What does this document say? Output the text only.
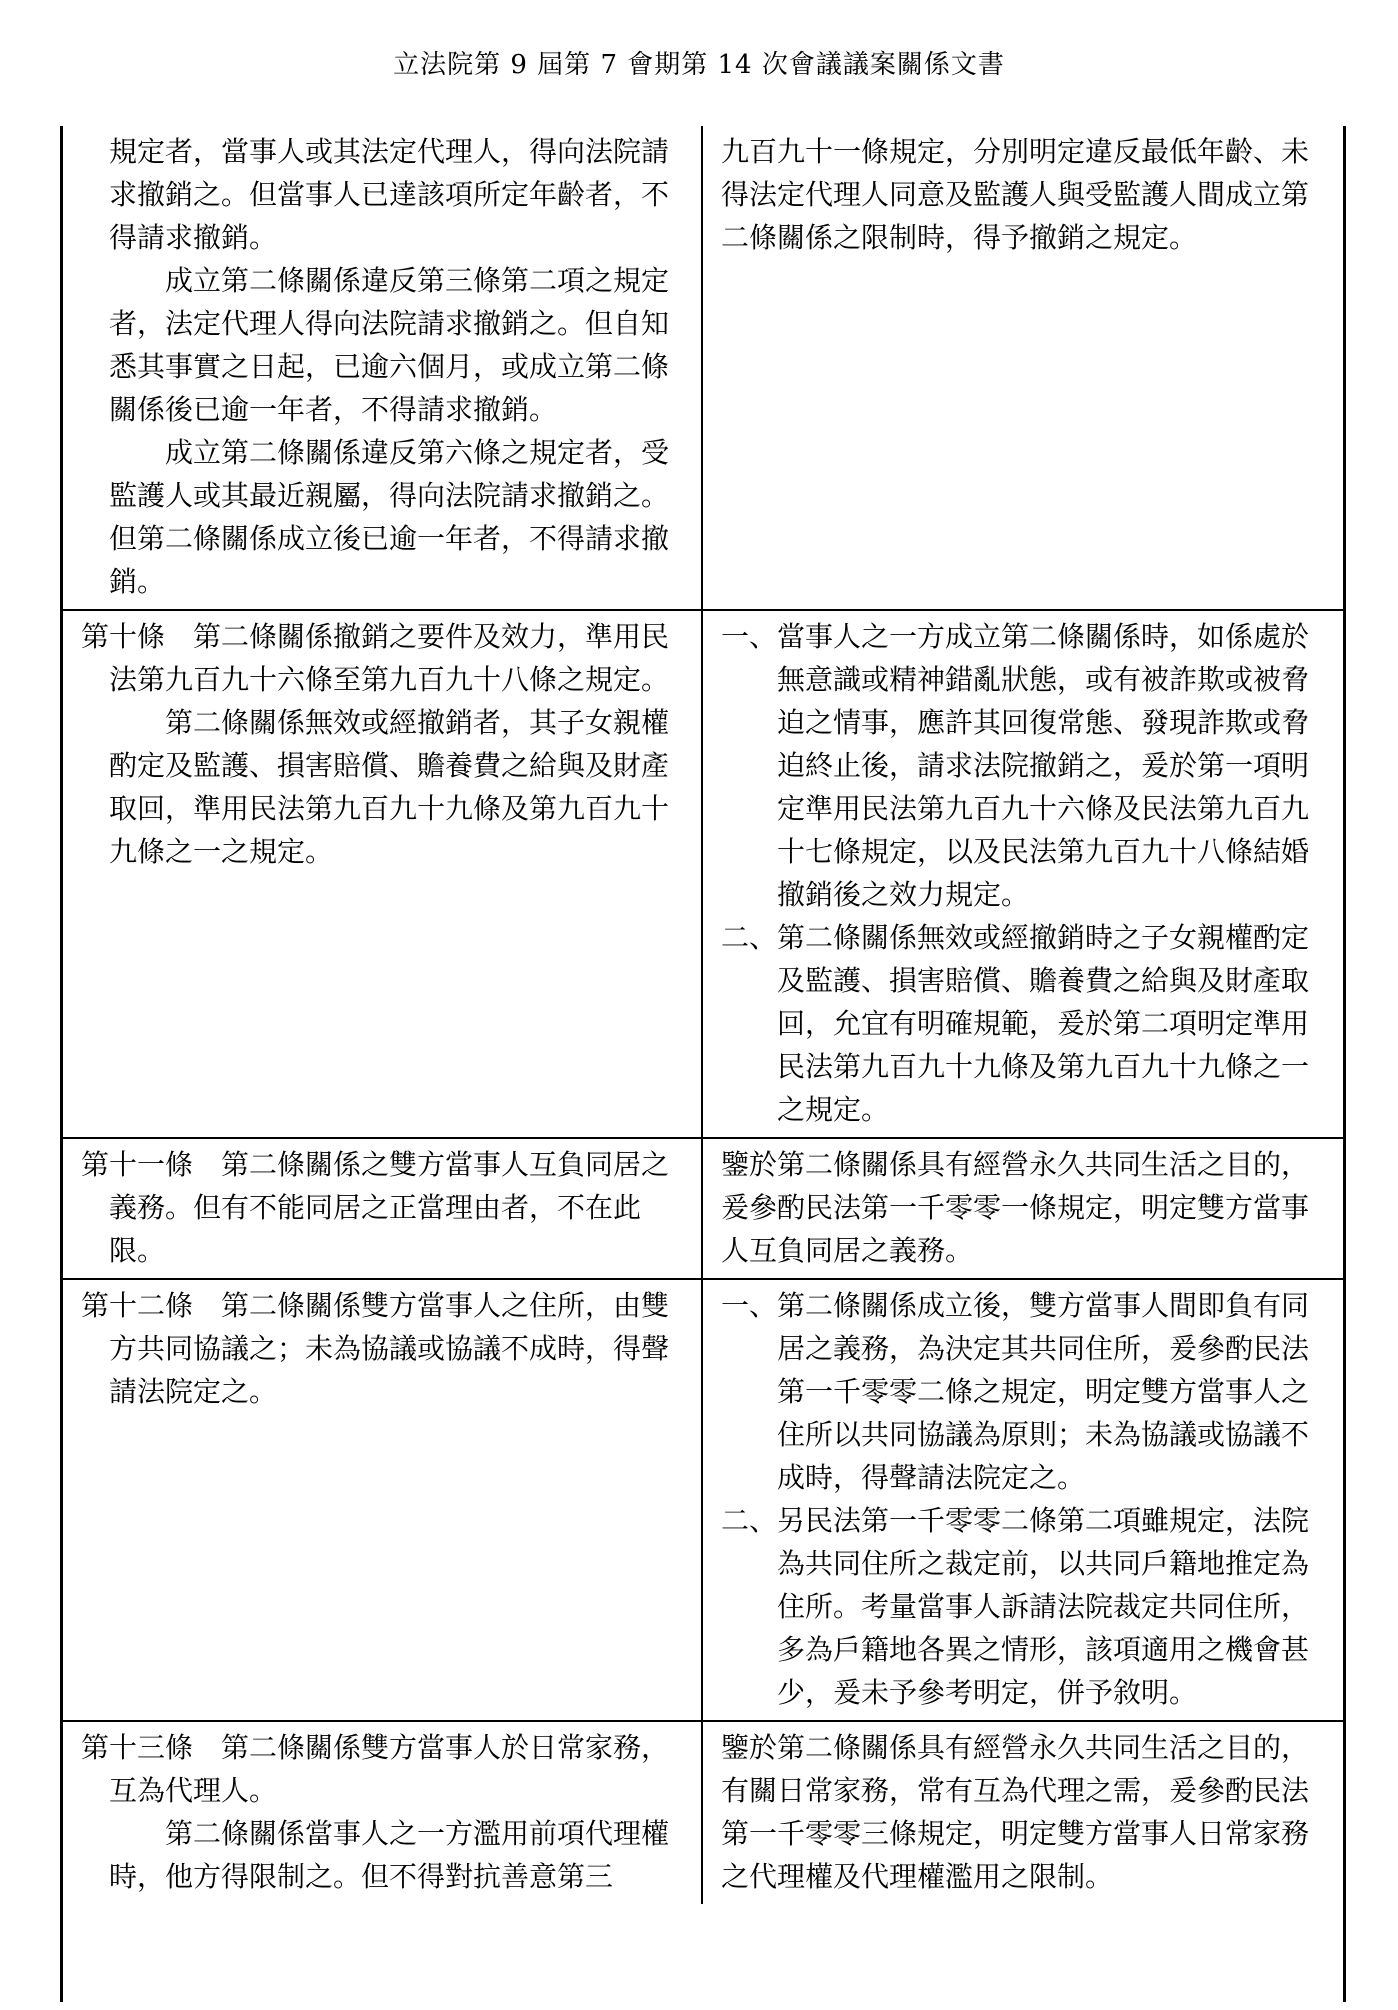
立法院第 9 屆第 7 會期第 14 次會議議案關係文書

規定者，當事人或其法定代理人，得向法院請求撤銷之。但當事人已達該項所定年齡者，不得請求撤銷。

成立第二條關係違反第三條第二項之規定者，法定代理人得向法院請求撤銷之。但自知悉其事實之日起，已逾六個月，或成立第二條關係後已逾一年者，不得請求撤銷。

成立第二條關係違反第六條之規定者，受監護人或其最近親屬，得向法院請求撤銷之。但第二條關係成立後已逾一年者，不得請求撤銷。

九百九十一條規定，分別明定違反最低年齡、未得法定代理人同意及監護人與受監護人間成立第二條關係之限制時，得予撤銷之規定。

第十條　第二條關係撤銷之要件及效力，準用民法第九百九十六條至第九百九十八條之規定。

第二條關係無效或經撤銷者，其子女親權酌定及監護、損害賠償、贍養費之給與及財產取回，準用民法第九百九十九條及第九百九十九條之一之規定。

一、當事人之一方成立第二條關係時，如係處於無意識或精神錯亂狀態，或有被詐欺或被脅迫之情事，應許其回復常態、發現詐欺或脅迫終止後，請求法院撤銷之，爰於第一項明定準用民法第九百九十六條及民法第九百九十七條規定，以及民法第九百九十八條結婚撤銷後之效力規定。

二、第二條關係無效或經撤銷時之子女親權酌定及監護、損害賠償、贍養費之給與及財產取回，允宜有明確規範，爰於第二項明定準用民法第九百九十九條及第九百九十九條之一之規定。

第十一條　第二條關係之雙方當事人互負同居之義務。但有不能同居之正當理由者，不在此限。

鑒於第二條關係具有經營永久共同生活之目的，爰參酌民法第一千零零一條規定，明定雙方當事人互負同居之義務。

第十二條　第二條關係雙方當事人之住所，由雙方共同協議之；未為協議或協議不成時，得聲請法院定之。

一、第二條關係成立後，雙方當事人間即負有同居之義務，為決定其共同住所，爰參酌民法第一千零零二條之規定，明定雙方當事人之住所以共同協議為原則；未為協議或協議不成時，得聲請法院定之。

二、另民法第一千零零二條第二項雖規定，法院為共同住所之裁定前，以共同戶籍地推定為住所。考量當事人訴請法院裁定共同住所，多為戶籍地各異之情形，該項適用之機會甚少，爰未予參考明定，併予敘明。

第十三條　第二條關係雙方當事人於日常家務，互為代理人。

第二條關係當事人之一方濫用前項代理權時，他方得限制之。但不得對抗善意第三

鑒於第二條關係具有經營永久共同生活之目的，有關日常家務，常有互為代理之需，爰參酌民法第一千零零三條規定，明定雙方當事人日常家務之代理權及代理權濫用之限制。
